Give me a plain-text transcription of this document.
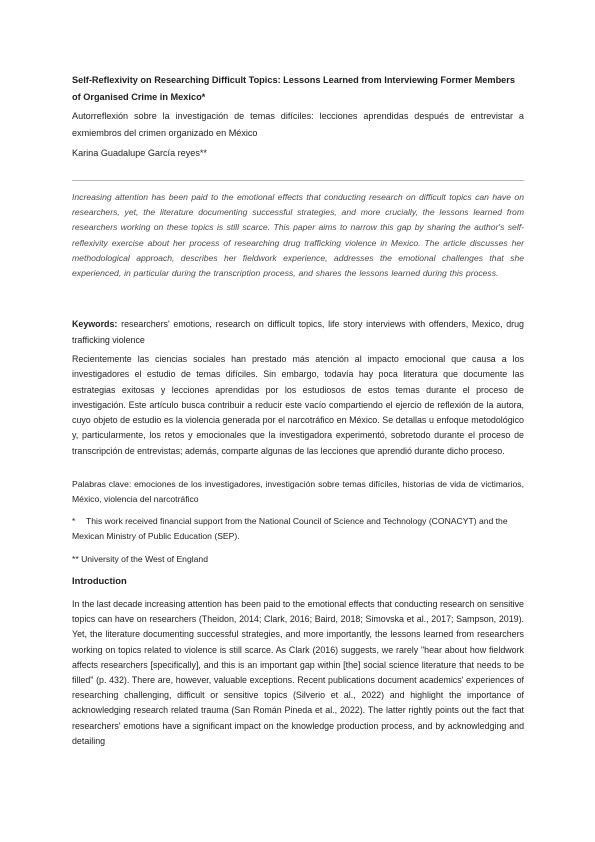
Self-Reflexivity on Researching Difficult Topics: Lessons Learned from Interviewing Former Members of Organised Crime in Mexico*
Autorreflexión sobre la investigación de temas difíciles: lecciones aprendidas después de entrevistar a exmiembros del crimen organizado en México
Karina Guadalupe García reyes**
Increasing attention has been paid to the emotional effects that conducting research on difficult topics can have on researchers, yet, the literature documenting successful strategies, and more crucially, the lessons learned from researchers working on these topics is still scarce. This paper aims to narrow this gap by sharing the author's self-reflexivity exercise about her process of researching drug trafficking violence in Mexico. The article discusses her methodological approach, describes her fieldwork experience, addresses the emotional challenges that she experienced, in particular during the transcription process, and shares the lessons learned during this process.
Keywords: researchers' emotions, research on difficult topics, life story interviews with offenders, Mexico, drug trafficking violence
Recientemente las ciencias sociales han prestado más atención al impacto emocional que causa a los investigadores el estudio de temas difíciles. Sin embargo, todavía hay poca literatura que documente las estrategias exitosas y lecciones aprendidas por los estudiosos de estos temas durante el proceso de investigación. Este artículo busca contribuir a reducir este vacío compartiendo el ejercio de reflexión de la autora, cuyo objeto de estudio es la violencia generada por el narcotráfico en México. Se detallas u enfoque metodológico y, particularmente, los retos y emocionales que la investigadora experimentó, sobretodo durante el proceso de transcripción de entrevistas; además, comparte algunas de las lecciones que aprendió durante dicho proceso.
Palabras clave: emociones de los investigadores, investigación sobre temas difíciles, historias de vida de victimarios, México, violencia del narcotráfico
* This work received financial support from the National Council of Science and Technology (CONACYT) and the Mexican Ministry of Public Education (SEP).
** University of the West of England
Introduction
In the last decade increasing attention has been paid to the emotional effects that conducting research on sensitive topics can have on researchers (Theidon, 2014; Clark, 2016; Baird, 2018; Simovska et al., 2017; Sampson, 2019). Yet, the literature documenting successful strategies, and more importantly, the lessons learned from researchers working on topics related to violence is still scarce. As Clark (2016) suggests, we rarely "hear about how fieldwork affects researchers [specifically], and this is an important gap within [the] social science literature that needs to be filled" (p. 432). There are, however, valuable exceptions. Recent publications document academics' experiences of researching challenging, difficult or sensitive topics (Silverio et al., 2022) and highlight the importance of acknowledging research related trauma (San Román Pineda et al., 2022). The latter rightly points out the fact that researchers' emotions have a significant impact on the knowledge production process, and by acknowledging and detailing
